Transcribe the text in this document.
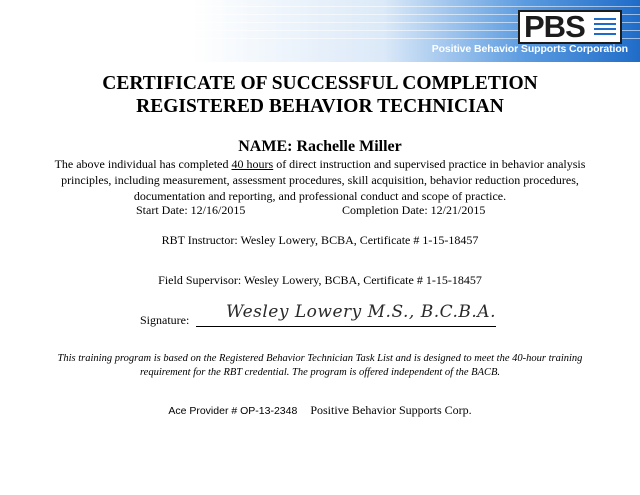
PBS
Positive Behavior Supports Corporation
CERTIFICATE OF SUCCESSFUL COMPLETION
REGISTERED BEHAVIOR TECHNICIAN
NAME: Rachelle Miller
The above individual has completed 40 hours of direct instruction and supervised practice in behavior analysis principles, including measurement, assessment procedures, skill acquisition, behavior reduction procedures, documentation and reporting, and professional conduct and scope of practice.
Start Date: 12/16/2015	Completion Date: 12/21/2015
RBT Instructor: Wesley Lowery, BCBA, Certificate # 1-15-18457
Field Supervisor: Wesley Lowery, BCBA, Certificate # 1-15-18457
Signature: Wesley Lowery M.S., B.C.B.A.
This training program is based on the Registered Behavior Technician Task List and is designed to meet the 40-hour training requirement for the RBT credential. The program is offered independent of the BACB.
Ace Provider # OP-13-2348 Positive Behavior Supports Corp.
